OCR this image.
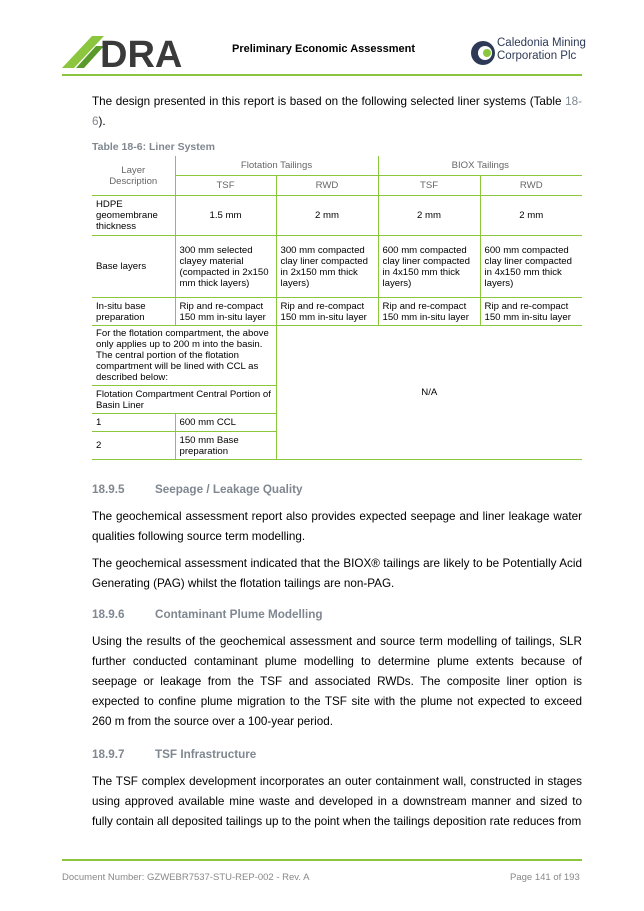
DRA	Preliminary Economic Assessment	Caledonia Mining
Corporation Plc
The design presented in this report is based on the following selected liner systems (Table 18-6).
Table 18-6: Liner System
Layer Description	Flotation Tailings		BIOX Tailings	
	TSF	RWD	TSF	RWD
HDPE geomembrane thickness	1.5 mm	2 mm	2 mm	2 mm
Base layers	300 mm selected clayey material (compacted in 2x150 mm thick layers)	300 mm compacted clay liner compacted in 2x150 mm thick layers)	600 mm compacted clay liner compacted in 4x150 mm thick layers)	600 mm compacted clay liner compacted in 4x150 mm thick layers)
In-situ base preparation	Rip and re-compact 150 mm in-situ layer	Rip and re-compact 150 mm in-situ layer	Rip and re-compact 150 mm in-situ layer	Rip and re-compact 150 mm in-situ layer
For the flotation compartment, the above only applies up to 200 m into the basin. The central portion of the flotation compartment will be lined with CCL as described below:		N/A		
Flotation Compartment Central Portion of Basin Liner				
1	600 mm CCL			
2	150 mm Base preparation			
18.9.5	Seepage / Leakage Quality
The geochemical assessment report also provides expected seepage and liner leakage water qualities following source term modelling.
The geochemical assessment indicated that the BIOX® tailings are likely to be Potentially Acid Generating (PAG) whilst the flotation tailings are non-PAG.
18.9.6	Contaminant Plume Modelling
Using the results of the geochemical assessment and source term modelling of tailings, SLR further conducted contaminant plume modelling to determine plume extents because of seepage or leakage from the TSF and associated RWDs. The composite liner option is expected to confine plume migration to the TSF site with the plume not expected to exceed 260 m from the source over a 100-year period.
18.9.7	TSF Infrastructure
The TSF complex development incorporates an outer containment wall, constructed in stages using approved available mine waste and developed in a downstream manner and sized to fully contain all deposited tailings up to the point when the tailings deposition rate reduces from
Document Number: GZWEBR7537-STU-REP-002 - Rev. A	Page 141 of 193
